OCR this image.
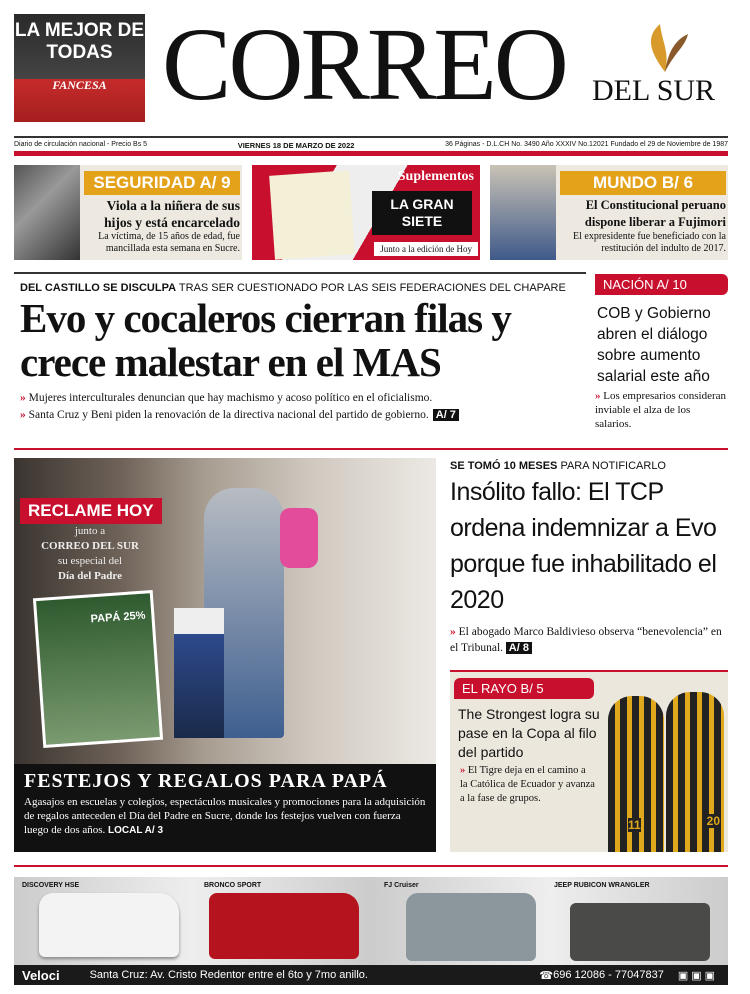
LA MEJOR DE TODAS
FANCESA CORREO DEL SUR
Diario de circulación nacional - Precio Bs 5	VIERNES 18 DE MARZO DE 2022	36 Páginas - D.L.CH No. 3490 Año XXXIV No.12021 Fundado el 29 de Noviembre de 1987
SEGURIDAD A/ 9
Viola a la niñera de sus hijos y está encarcelado
La víctima, de 15 años de edad, fue mancillada esta semana en Sucre.
Suplementos
LA GRAN SIETE
Junto a la edición de Hoy
MUNDO B/ 6
El Constitucional peruano dispone liberar a Fujimori
El expresidente fue beneficiado con la restitución del indulto de 2017.
DEL CASTILLO SE DISCULPA TRAS SER CUESTIONADO POR LAS SEIS FEDERACIONES DEL CHAPARE
Evo y cocaleros cierran filas y crece malestar en el MAS
» Mujeres interculturales denuncian que hay machismo y acoso político en el oficialismo.
» Santa Cruz y Beni piden la renovación de la directiva nacional del partido de gobierno. A/ 7
NACIÓN A/ 10
COB y Gobierno abren el diálogo sobre aumento salarial este año
» Los empresarios consideran inviable el alza de los salarios.
RECLAME HOY
junto a
CORREO DEL SUR
su especial del
Día del Padre
PAPÁ 25%
FESTEJOS Y REGALOS PARA PAPÁ
Agasajos en escuelas y colegios, espectáculos musicales y promociones para la adquisición de regalos anteceden el Día del Padre en Sucre, donde los festejos vuelven con fuerza luego de dos años. LOCAL A/ 3
SE TOMÓ 10 MESES PARA NOTIFICARLO
Insólito fallo: El TCP ordena indemnizar a Evo porque fue inhabilitado el 2020
» El abogado Marco Baldivieso observa “benevolencia” en el Tribunal. A/ 8
EL RAYO B/ 5
The Strongest logra su pase en la Copa al filo del partido
» El Tigre deja en el camino a la Católica de Ecuador y avanza a la fase de grupos.
11	20
DISCOVERY HSE	BRONCO SPORT	FJ Cruiser	JEEP RUBICON WRANGLER
Veloci	Santa Cruz: Av. Cristo Redentor entre el 6to y 7mo anillo.	☎ 696 12086 - 77047837 ▣▣▣
